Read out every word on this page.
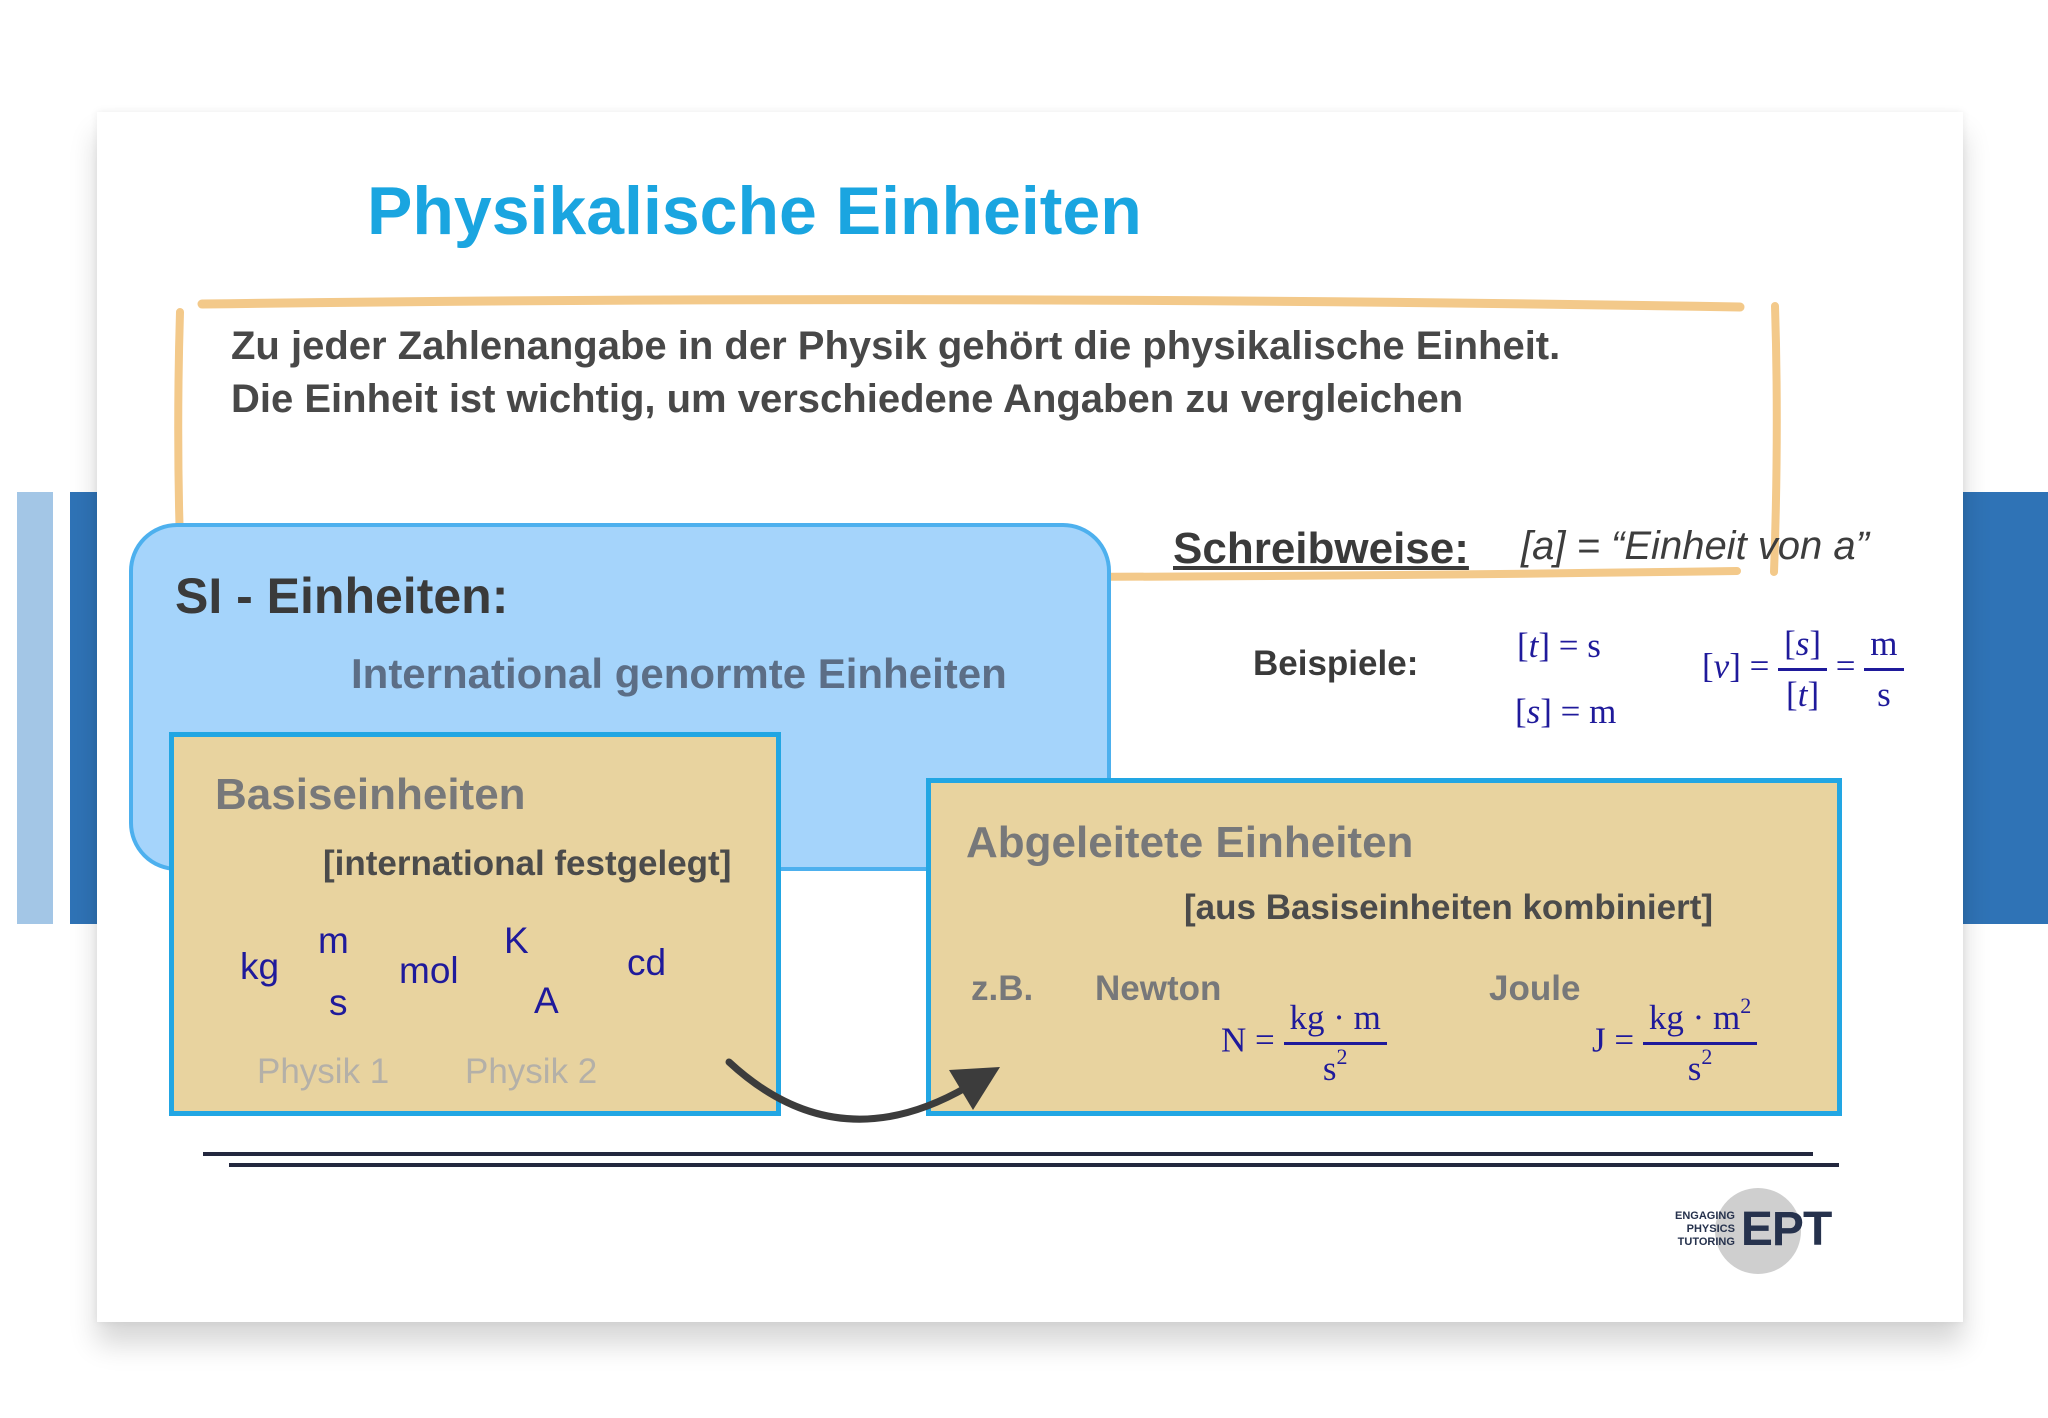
Physikalische Einheiten
Zu jeder Zahlenangabe in der Physik gehört die physikalische Einheit.
Die Einheit ist wichtig, um verschiedene Angaben zu vergleichen
SI - Einheiten:
International genormte Einheiten
Basiseinheiten
[international festgelegt]
kg
m
s
mol
K
A
cd
Physik 1 Physik 2
Abgeleitete Einheiten
[aus Basiseinheiten kombiniert]
z.B. Newton	Joule
$N = \frac{kg \cdot m}{s^2}$	$J = \frac{kg \cdot m^2}{s^2}$
Schreibweise: [a] = “Einheit von a”
Beispiele:	[t] = s
[s] = m
$[v] = \frac{[s]}{[t]} = \frac{m}{s}$
ENGAGING
PHYSICS
TUTORING EPT
